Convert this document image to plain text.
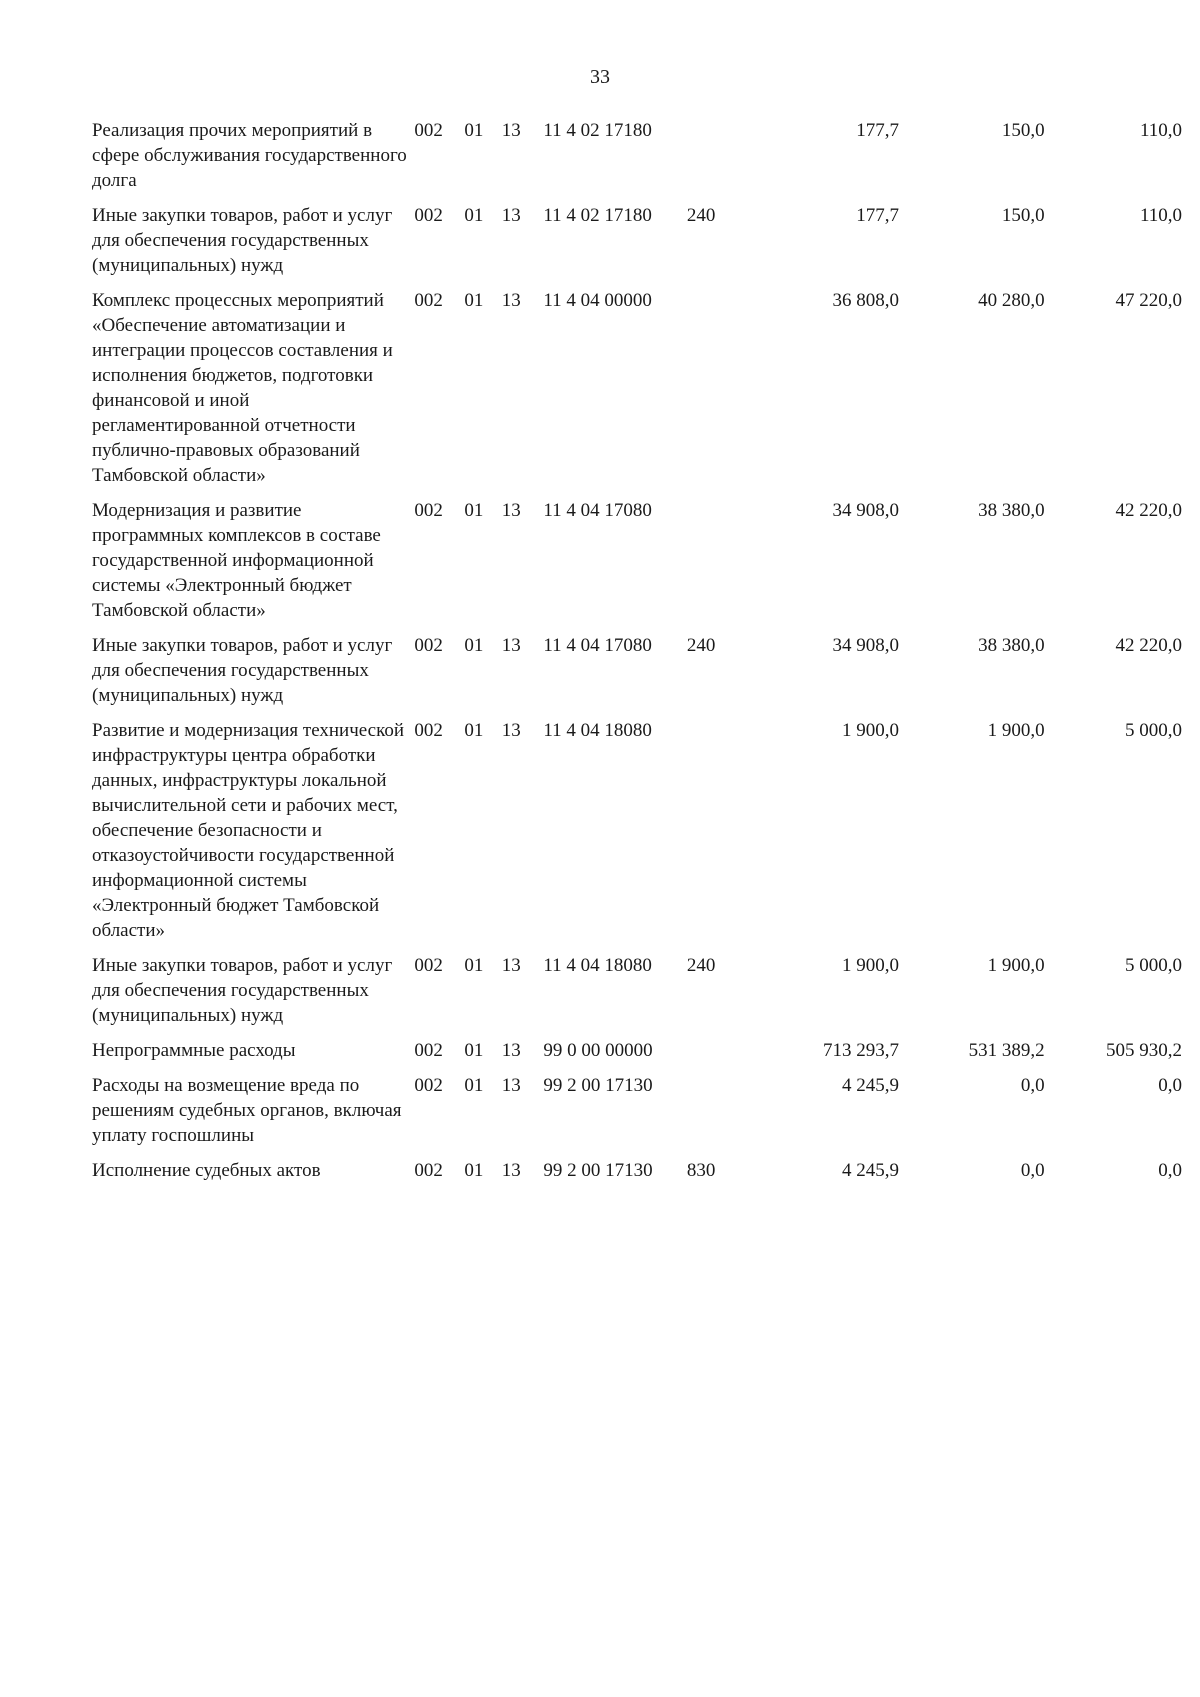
33
Реализация прочих мероприятий в сфере обслуживания государственного долга	002	01	13	11 4 02 17180		177,7	150,0	110,0
Иные закупки товаров, работ и услуг для обеспечения государственных (муниципальных) нужд	002	01	13	11 4 02 17180	240	177,7	150,0	110,0
Комплекс процессных мероприятий «Обеспечение автоматизации и интеграции процессов составления и исполнения бюджетов, подготовки финансовой и иной регламентированной отчетности публично-правовых образований Тамбовской области»	002	01	13	11 4 04 00000		36 808,0	40 280,0	47 220,0
Модернизация и развитие программных комплексов в составе государственной информационной системы «Электронный бюджет Тамбовской области»	002	01	13	11 4 04 17080		34 908,0	38 380,0	42 220,0
Иные закупки товаров, работ и услуг для обеспечения государственных (муниципальных) нужд	002	01	13	11 4 04 17080	240	34 908,0	38 380,0	42 220,0
Развитие и модернизация технической инфраструктуры центра обработки данных, инфраструктуры локальной вычислительной сети и рабочих мест, обеспечение безопасности и отказоустойчивости государственной информационной системы «Электронный бюджет Тамбовской области»	002	01	13	11 4 04 18080		1 900,0	1 900,0	5 000,0
Иные закупки товаров, работ и услуг для обеспечения государственных (муниципальных) нужд	002	01	13	11 4 04 18080	240	1 900,0	1 900,0	5 000,0
Непрограммные расходы	002	01	13	99 0 00 00000		713 293,7	531 389,2	505 930,2
Расходы на возмещение вреда по решениям судебных органов, включая уплату госпошлины	002	01	13	99 2 00 17130		4 245,9	0,0	0,0
Исполнение судебных актов	002	01	13	99 2 00 17130	830	4 245,9	0,0	0,0
